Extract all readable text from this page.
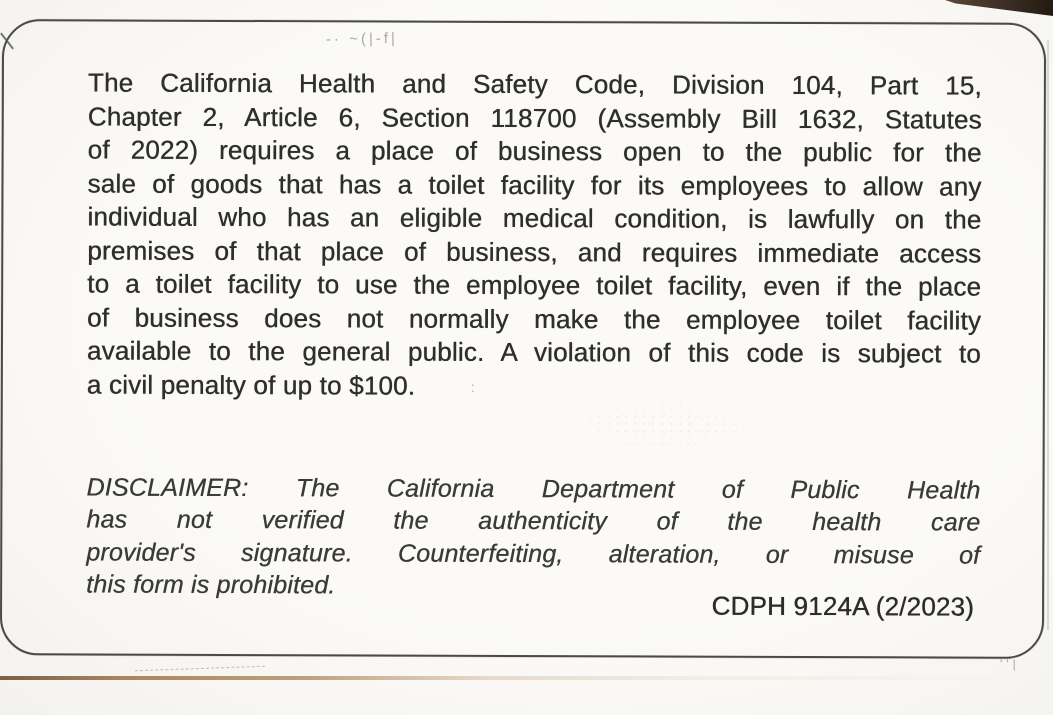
-· ~(|-f|
The California Health and Safety Code, Division 104, Part 15,
Chapter 2, Article 6, Section 118700 (Assembly Bill 1632, Statutes
of 2022) requires a place of business open to the public for the
sale of goods that has a toilet facility for its employees to allow any
individual who has an eligible medical condition, is lawfully on the
premises of that place of business, and requires immediate access
to a toilet facility to use the employee toilet facility, even if the place
of business does not normally make the employee toilet facility
available to the general public. A violation of this code is subject to
a civil penalty of up to $100.	:
DISCLAIMER: The California Department of Public Health
has not verified the authenticity of the health care
provider's signature. Counterfeiting, alteration, or misuse of
this form is prohibited.
CDPH 9124A (2/2023)
''|
